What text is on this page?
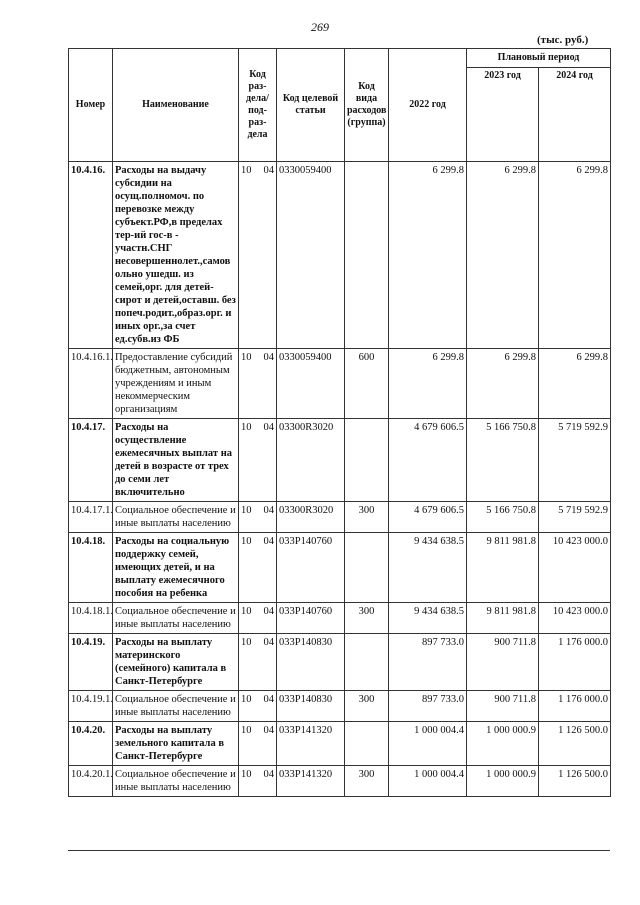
269
(тыс. руб.)
Номер	Наименование	Код раз-дела/ под-раз-дела	Код целевой статьи	Код вида расходов (группа)	2022 год	Плановый период	
						2023 год	2024 год
10.4.16.	Расходы на выдачу субсидии на осущ.полномоч. по перевозке между субъект.РФ,в пределах тер-ий гос-в - участн.СНГ несовершеннолет.,самов ольно ушедш. из семей,орг. для детей-сирот и детей,оставш. без попеч.родит.,образ.орг. и иных орг.,за счет ед.субв.из ФБ	10 04	0330059400		6 299.8	6 299.8	6 299.8
10.4.16.1.	Предоставление субсидий бюджетным, автономным учреждениям и иным некоммерческим организациям	10 04	0330059400	600	6 299.8	6 299.8	6 299.8
10.4.17.	Расходы на осуществление ежемесячных выплат на детей в возрасте от трех до семи лет включительно	10 04	03300R3020		4 679 606.5	5 166 750.8	5 719 592.9
10.4.17.1.	Социальное обеспечение и иные выплаты населению	10 04	03300R3020	300	4 679 606.5	5 166 750.8	5 719 592.9
10.4.18.	Расходы на социальную поддержку семей, имеющих детей, и на выплату ежемесячного пособия на ребенка	10 04	033Р140760		9 434 638.5	9 811 981.8	10 423 000.0
10.4.18.1.	Социальное обеспечение и иные выплаты населению	10 04	033Р140760	300	9 434 638.5	9 811 981.8	10 423 000.0
10.4.19.	Расходы на выплату материнского (семейного) капитала в Санкт-Петербурге	10 04	033Р140830		897 733.0	900 711.8	1 176 000.0
10.4.19.1.	Социальное обеспечение и иные выплаты населению	10 04	033Р140830	300	897 733.0	900 711.8	1 176 000.0
10.4.20.	Расходы на выплату земельного капитала в Санкт-Петербурге	10 04	033Р141320		1 000 004.4	1 000 000.9	1 126 500.0
10.4.20.1.	Социальное обеспечение и иные выплаты населению	10 04	033Р141320	300	1 000 004.4	1 000 000.9	1 126 500.0
